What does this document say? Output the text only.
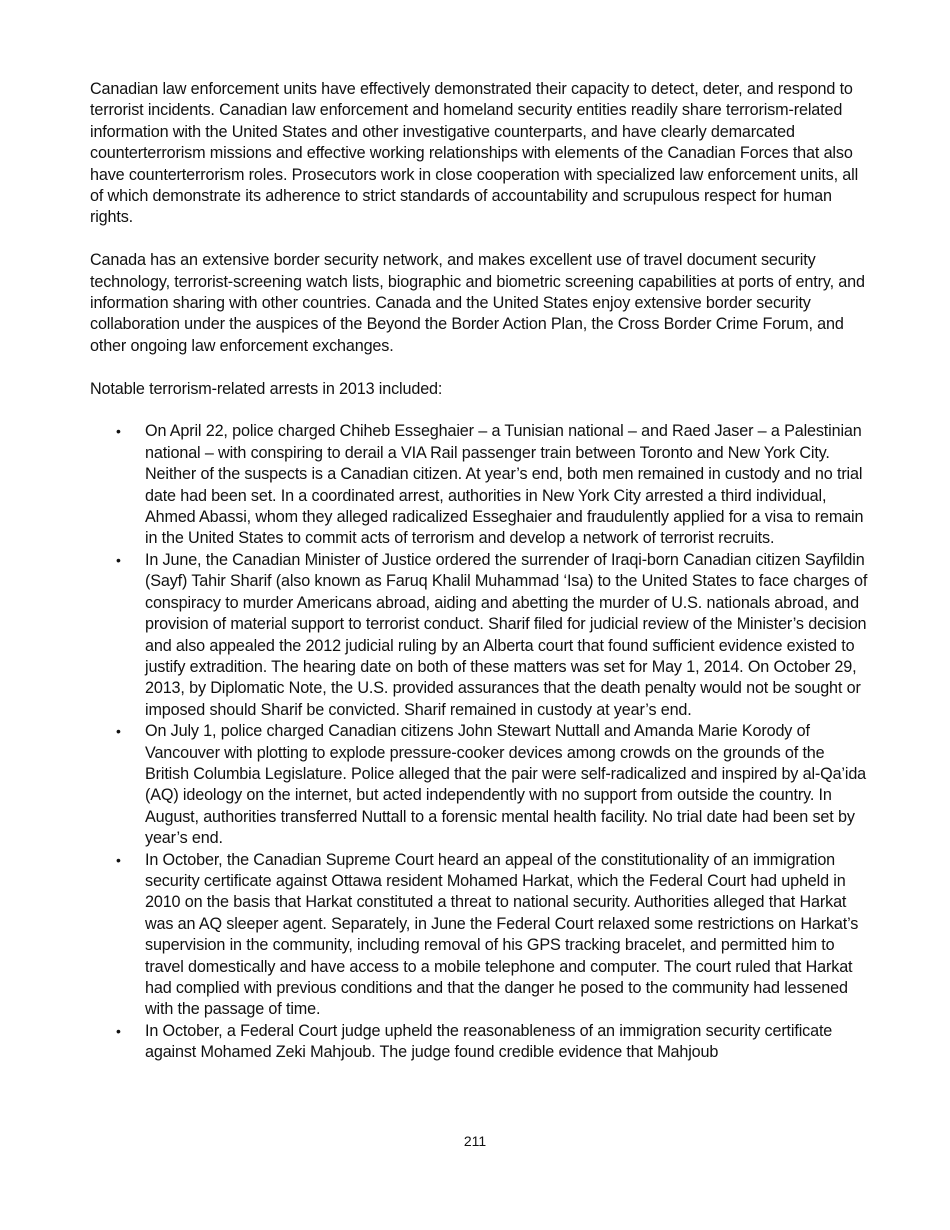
Canadian law enforcement units have effectively demonstrated their capacity to detect, deter, and respond to terrorist incidents. Canadian law enforcement and homeland security entities readily share terrorism-related information with the United States and other investigative counterparts, and have clearly demarcated counterterrorism missions and effective working relationships with elements of the Canadian Forces that also have counterterrorism roles. Prosecutors work in close cooperation with specialized law enforcement units, all of which demonstrate its adherence to strict standards of accountability and scrupulous respect for human rights.

Canada has an extensive border security network, and makes excellent use of travel document security technology, terrorist-screening watch lists, biographic and biometric screening capabilities at ports of entry, and information sharing with other countries. Canada and the United States enjoy extensive border security collaboration under the auspices of the Beyond the Border Action Plan, the Cross Border Crime Forum, and other ongoing law enforcement exchanges.

Notable terrorism-related arrests in 2013 included:

• On April 22, police charged Chiheb Esseghaier – a Tunisian national – and Raed Jaser – a Palestinian national – with conspiring to derail a VIA Rail passenger train between Toronto and New York City. Neither of the suspects is a Canadian citizen. At year’s end, both men remained in custody and no trial date had been set. In a coordinated arrest, authorities in New York City arrested a third individual, Ahmed Abassi, whom they alleged radicalized Esseghaier and fraudulently applied for a visa to remain in the United States to commit acts of terrorism and develop a network of terrorist recruits.
• In June, the Canadian Minister of Justice ordered the surrender of Iraqi-born Canadian citizen Sayfildin (Sayf) Tahir Sharif (also known as Faruq Khalil Muhammad ‘Isa) to the United States to face charges of conspiracy to murder Americans abroad, aiding and abetting the murder of U.S. nationals abroad, and provision of material support to terrorist conduct. Sharif filed for judicial review of the Minister’s decision and also appealed the 2012 judicial ruling by an Alberta court that found sufficient evidence existed to justify extradition. The hearing date on both of these matters was set for May 1, 2014. On October 29, 2013, by Diplomatic Note, the U.S. provided assurances that the death penalty would not be sought or imposed should Sharif be convicted. Sharif remained in custody at year’s end.
• On July 1, police charged Canadian citizens John Stewart Nuttall and Amanda Marie Korody of Vancouver with plotting to explode pressure-cooker devices among crowds on the grounds of the British Columbia Legislature. Police alleged that the pair were self-radicalized and inspired by al-Qa’ida (AQ) ideology on the internet, but acted independently with no support from outside the country. In August, authorities transferred Nuttall to a forensic mental health facility. No trial date had been set by year’s end.
• In October, the Canadian Supreme Court heard an appeal of the constitutionality of an immigration security certificate against Ottawa resident Mohamed Harkat, which the Federal Court had upheld in 2010 on the basis that Harkat constituted a threat to national security. Authorities alleged that Harkat was an AQ sleeper agent. Separately, in June the Federal Court relaxed some restrictions on Harkat’s supervision in the community, including removal of his GPS tracking bracelet, and permitted him to travel domestically and have access to a mobile telephone and computer. The court ruled that Harkat had complied with previous conditions and that the danger he posed to the community had lessened with the passage of time.
• In October, a Federal Court judge upheld the reasonableness of an immigration security certificate against Mohamed Zeki Mahjoub. The judge found credible evidence that Mahjoub
211
